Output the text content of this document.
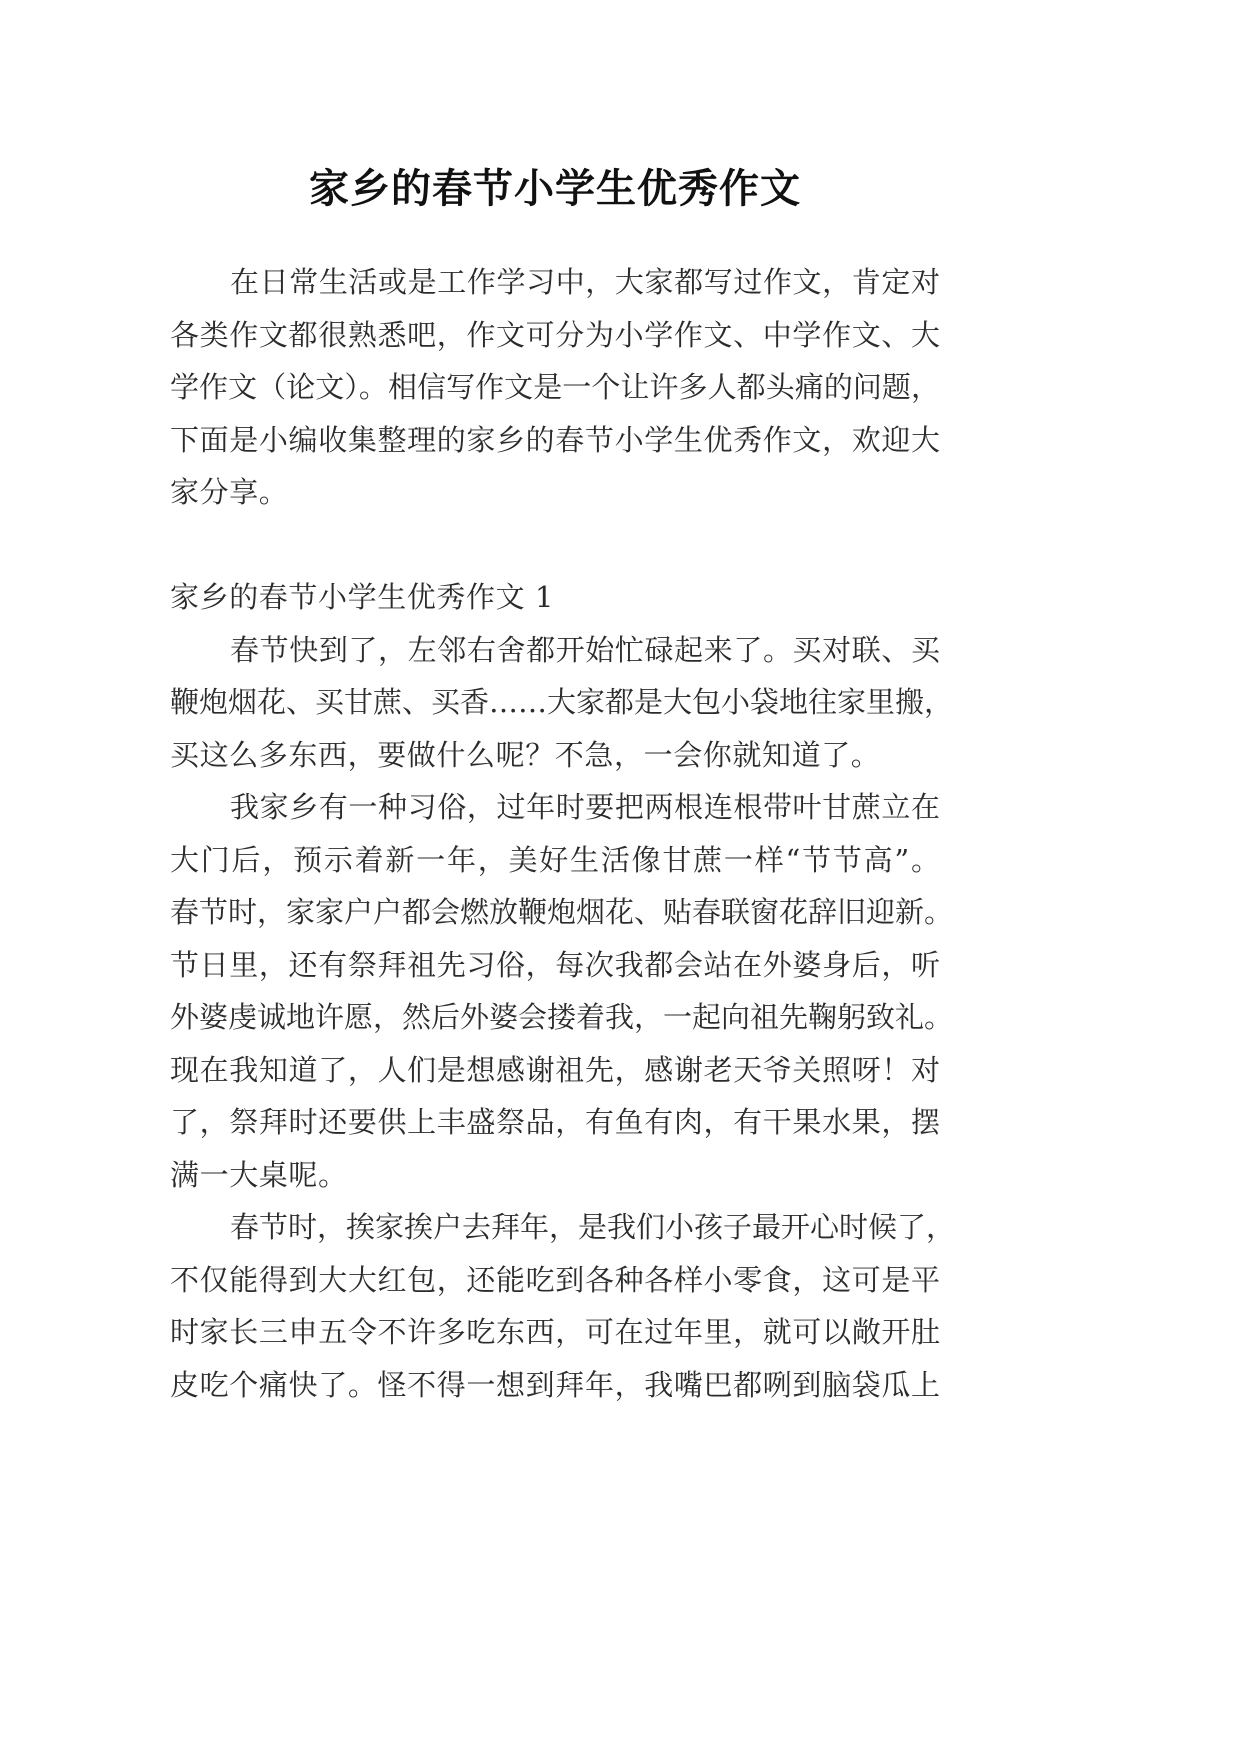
家乡的春节小学生优秀作文
在日常生活或是工作学习中，大家都写过作文，肯定对
各类作文都很熟悉吧，作文可分为小学作文、中学作文、大
学作文（论文）。相信写作文是一个让许多人都头痛的问题，
下面是小编收集整理的家乡的春节小学生优秀作文，欢迎大
家分享。
家乡的春节小学生优秀作文 1
春节快到了，左邻右舍都开始忙碌起来了。买对联、买
鞭炮烟花、买甘蔗、买香……大家都是大包小袋地往家里搬，
买这么多东西，要做什么呢？不急，一会你就知道了。
我家乡有一种习俗，过年时要把两根连根带叶甘蔗立在
大门后，预示着新一年，美好生活像甘蔗一样“节节高”。
春节时，家家户户都会燃放鞭炮烟花、贴春联窗花辞旧迎新。
节日里，还有祭拜祖先习俗，每次我都会站在外婆身后，听
外婆虔诚地许愿，然后外婆会搂着我，一起向祖先鞠躬致礼。
现在我知道了，人们是想感谢祖先，感谢老天爷关照呀！对
了，祭拜时还要供上丰盛祭品，有鱼有肉，有干果水果，摆
满一大桌呢。
春节时，挨家挨户去拜年，是我们小孩子最开心时候了，
不仅能得到大大红包，还能吃到各种各样小零食，这可是平
时家长三申五令不许多吃东西，可在过年里，就可以敞开肚
皮吃个痛快了。怪不得一想到拜年，我嘴巴都咧到脑袋瓜上
